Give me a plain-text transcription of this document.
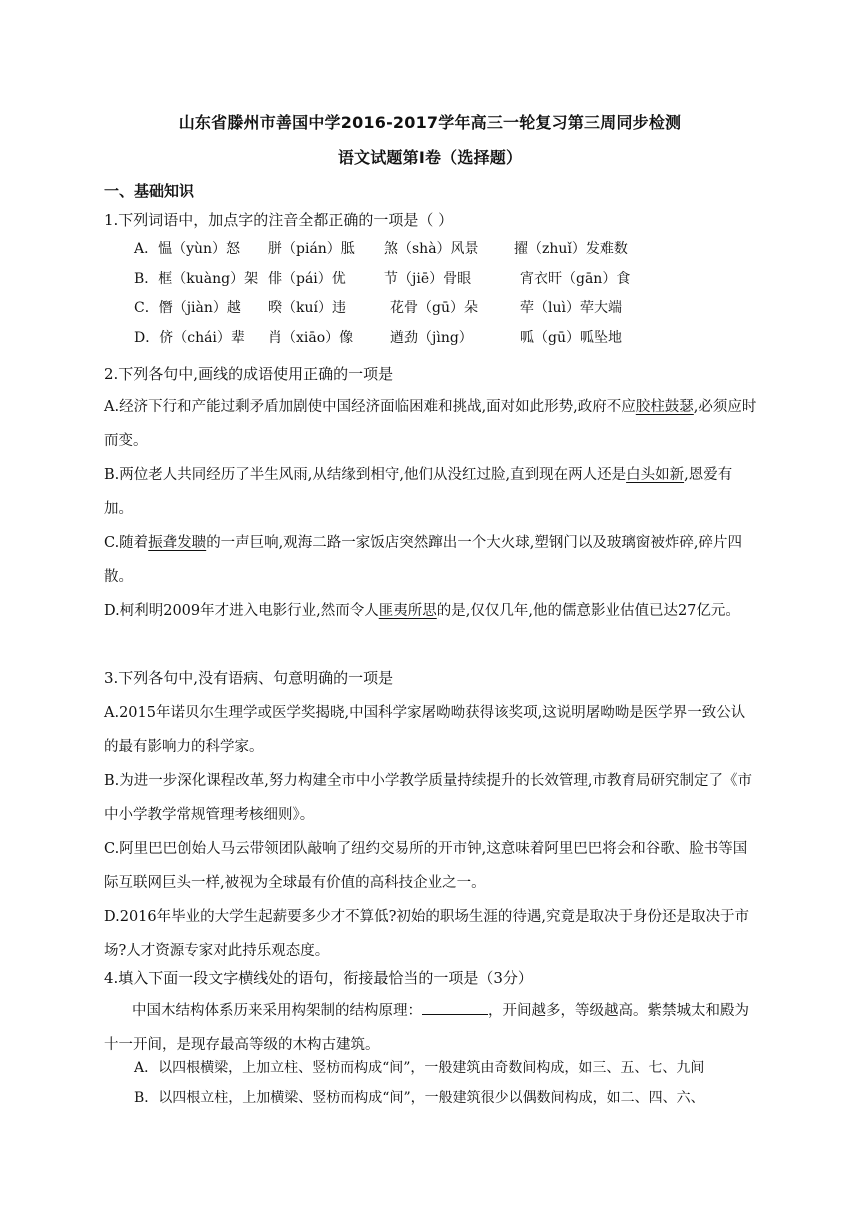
山东省滕州市善国中学2016-2017学年高三一轮复习第三周同步检测
语文试题第I卷（选择题）
一、基础知识
1.下列词语中，加点字的注音全都正确的一项是（ ）
A．愠（yùn）怒 胼（pián）胝 煞（shà）风景	擢（zhuǐ）发难数
B．框（kuàng）架 俳（pái）优	节（jiē）骨眼	宵衣旰（gān）食
C．僭（jiàn）越 暌（kuí）违	花骨（gū）朵	荦（luì）荦大端
D．侪（chái）辈 肖（xiāo）像	遒劲（jìng）	呱（gū）呱坠地
2.下列各句中,画线的成语使用正确的一项是

A.经济下行和产能过剩矛盾加剧使中国经济面临困难和挑战,面对如此形势,政府不应胶柱鼓瑟,必须应时而变。

B.两位老人共同经历了半生风雨,从结缘到相守,他们从没红过脸,直到现在两人还是白头如新,恩爱有加。

C.随着振聋发聩的一声巨响,观海二路一家饭店突然蹿出一个大火球,塑钢门以及玻璃窗被炸碎,碎片四散。

D.柯利明2009年才进入电影行业,然而令人匪夷所思的是,仅仅几年,他的儒意影业估值已达27亿元。

3.下列各句中,没有语病、句意明确的一项是

A.2015年诺贝尔生理学或医学奖揭晓,中国科学家屠呦呦获得该奖项,这说明屠呦呦是医学界一致公认的最有影响力的科学家。

B.为进一步深化课程改革,努力构建全市中小学教学质量持续提升的长效管理,市教育局研究制定了《市中小学教学常规管理考核细则》。

C.阿里巴巴创始人马云带领团队敲响了纽约交易所的开市钟,这意味着阿里巴巴将会和谷歌、脸书等国际互联网巨头一样,被视为全球最有价值的高科技企业之一。

D.2016年毕业的大学生起薪要多少才不算低?初始的职场生涯的待遇,究竟是取决于身份还是取决于市场?人才资源专家对此持乐观态度。

4.填入下面一段文字横线处的语句，衔接最恰当的一项是（3分）

中国木结构体系历来采用构架制的结构原理：	，开间越多，等级越高。紫禁城太和殿为十一开间，是现存最高等级的木构古建筑。

A．以四根横梁，上加立柱、竖枋而构成“间”，一般建筑由奇数间构成，如三、五、七、九间
B．以四根立柱，上加横梁、竖枋而构成“间”，一般建筑很少以偶数间构成，如二、四、六、
